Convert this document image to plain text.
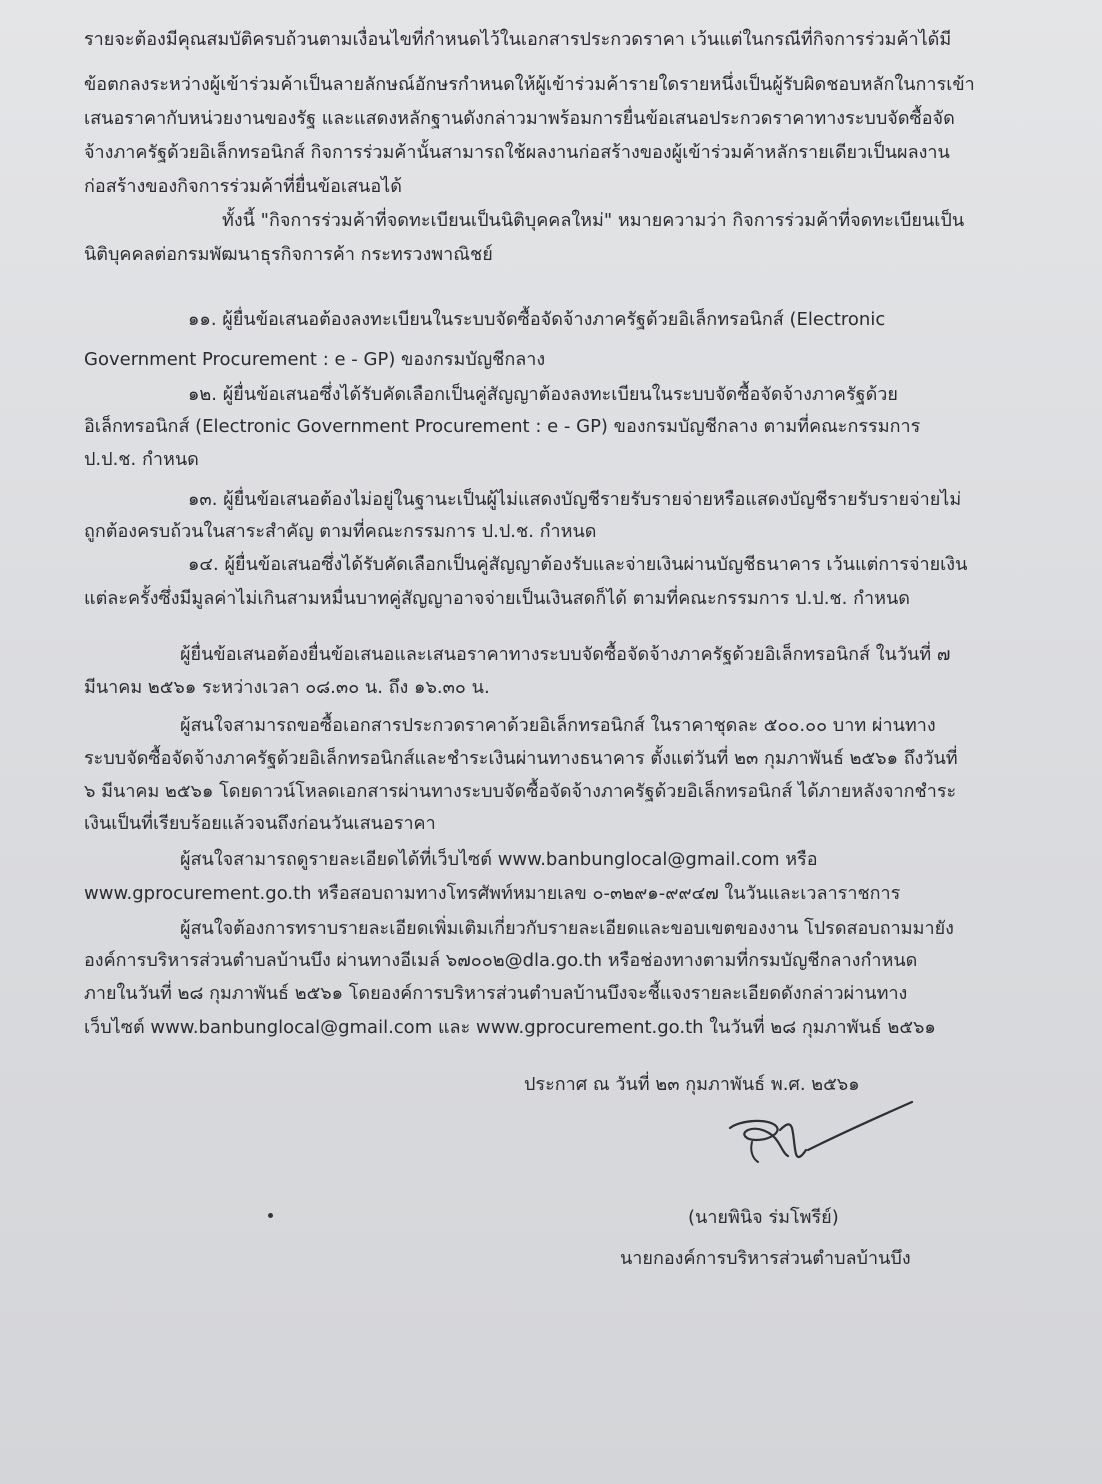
รายจะต้องมีคุณสมบัติครบถ้วนตามเงื่อนไขที่กำหนดไว้ในเอกสารประกวดราคา เว้นแต่ในกรณีที่กิจการร่วมค้าได้มี
ข้อตกลงระหว่างผู้เข้าร่วมค้าเป็นลายลักษณ์อักษรกำหนดให้ผู้เข้าร่วมค้ารายใดรายหนึ่งเป็นผู้รับผิดชอบหลักในการเข้า
เสนอราคากับหน่วยงานของรัฐ และแสดงหลักฐานดังกล่าวมาพร้อมการยื่นข้อเสนอประกวดราคาทางระบบจัดซื้อจัด
จ้างภาครัฐด้วยอิเล็กทรอนิกส์ กิจการร่วมค้านั้นสามารถใช้ผลงานก่อสร้างของผู้เข้าร่วมค้าหลักรายเดียวเป็นผลงาน
ก่อสร้างของกิจการร่วมค้าที่ยื่นข้อเสนอได้
ทั้งนี้ "กิจการร่วมค้าที่จดทะเบียนเป็นนิติบุคคลใหม่" หมายความว่า กิจการร่วมค้าที่จดทะเบียนเป็น
นิติบุคคลต่อกรมพัฒนาธุรกิจการค้า กระทรวงพาณิชย์
๑๑. ผู้ยื่นข้อเสนอต้องลงทะเบียนในระบบจัดซื้อจัดจ้างภาครัฐด้วยอิเล็กทรอนิกส์ (Electronic
Government Procurement : e - GP) ของกรมบัญชีกลาง
๑๒. ผู้ยื่นข้อเสนอซึ่งได้รับคัดเลือกเป็นคู่สัญญาต้องลงทะเบียนในระบบจัดซื้อจัดจ้างภาครัฐด้วย
อิเล็กทรอนิกส์ (Electronic Government Procurement : e - GP) ของกรมบัญชีกลาง ตามที่คณะกรรมการ
ป.ป.ช. กำหนด
๑๓. ผู้ยื่นข้อเสนอต้องไม่อยู่ในฐานะเป็นผู้ไม่แสดงบัญชีรายรับรายจ่ายหรือแสดงบัญชีรายรับรายจ่ายไม่
ถูกต้องครบถ้วนในสาระสำคัญ ตามที่คณะกรรมการ ป.ป.ช. กำหนด
๑๔. ผู้ยื่นข้อเสนอซึ่งได้รับคัดเลือกเป็นคู่สัญญาต้องรับและจ่ายเงินผ่านบัญชีธนาคาร เว้นแต่การจ่ายเงิน
แต่ละครั้งซึ่งมีมูลค่าไม่เกินสามหมื่นบาทคู่สัญญาอาจจ่ายเป็นเงินสดก็ได้ ตามที่คณะกรรมการ ป.ป.ช. กำหนด
ผู้ยื่นข้อเสนอต้องยื่นข้อเสนอและเสนอราคาทางระบบจัดซื้อจัดจ้างภาครัฐด้วยอิเล็กทรอนิกส์ ในวันที่ ๗
มีนาคม ๒๕๖๑ ระหว่างเวลา ๐๘.๓๐ น. ถึง ๑๖.๓๐ น.
ผู้สนใจสามารถขอซื้อเอกสารประกวดราคาด้วยอิเล็กทรอนิกส์ ในราคาชุดละ ๕๐๐.๐๐ บาท ผ่านทาง
ระบบจัดซื้อจัดจ้างภาครัฐด้วยอิเล็กทรอนิกส์และชำระเงินผ่านทางธนาคาร ตั้งแต่วันที่ ๒๓ กุมภาพันธ์ ๒๕๖๑ ถึงวันที่
๖ มีนาคม ๒๕๖๑ โดยดาวน์โหลดเอกสารผ่านทางระบบจัดซื้อจัดจ้างภาครัฐด้วยอิเล็กทรอนิกส์ ได้ภายหลังจากชำระ
เงินเป็นที่เรียบร้อยแล้วจนถึงก่อนวันเสนอราคา
ผู้สนใจสามารถดูรายละเอียดได้ที่เว็บไซต์ www.banbunglocal@gmail.com หรือ
www.gprocurement.go.th หรือสอบถามทางโทรศัพท์หมายเลข ๐-๓๒๙๑-๙๙๔๗ ในวันและเวลาราชการ
ผู้สนใจต้องการทราบรายละเอียดเพิ่มเติมเกี่ยวกับรายละเอียดและขอบเขตของงาน โปรดสอบถามมายัง
องค์การบริหารส่วนตำบลบ้านบึง ผ่านทางอีเมล์ ๖๗๐๐๒@dla.go.th หรือช่องทางตามที่กรมบัญชีกลางกำหนด
ภายในวันที่ ๒๘ กุมภาพันธ์ ๒๕๖๑ โดยองค์การบริหารส่วนตำบลบ้านบึงจะชี้แจงรายละเอียดดังกล่าวผ่านทาง
เว็บไซต์ www.banbunglocal@gmail.com และ www.gprocurement.go.th ในวันที่ ๒๘ กุมภาพันธ์ ๒๕๖๑
ประกาศ ณ วันที่ ๒๓ กุมภาพันธ์ พ.ศ. ๒๕๖๑
(นายพินิจ ร่มโพรีย์)
นายกองค์การบริหารส่วนตำบลบ้านบึง
